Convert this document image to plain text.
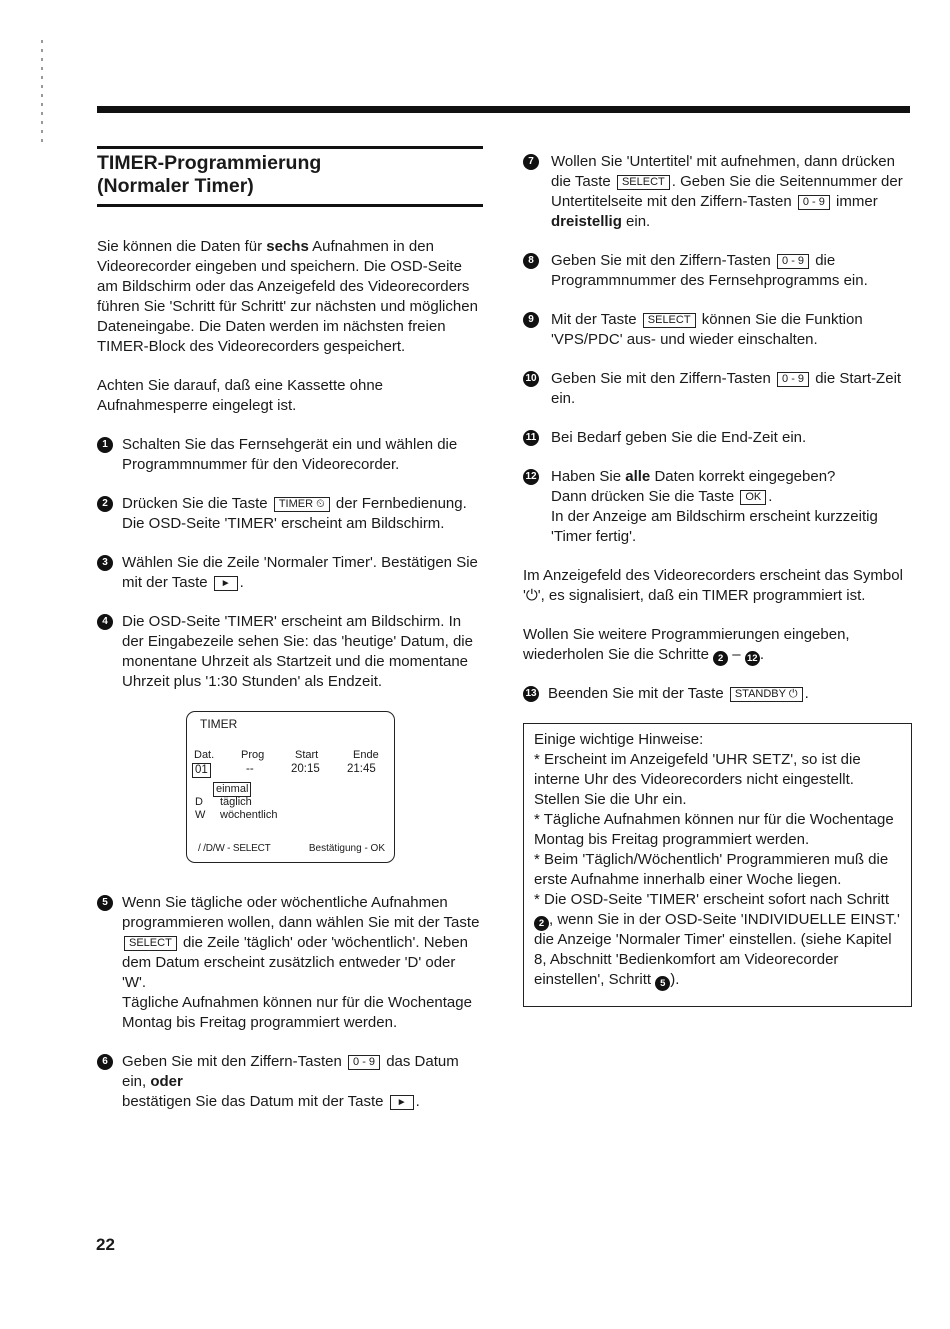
TIMER-Programmierung
(Normaler Timer)

Sie können die Daten für sechs Aufnahmen in den Videorecorder eingeben und speichern. Die OSD-Seite am Bildschirm oder das Anzeigefeld des Videorecorders führen Sie 'Schritt für Schritt' zur nächsten und möglichen Dateneingabe. Die Daten werden im nächsten freien TIMER-Block des Videorecorders gespeichert.

Achten Sie darauf, daß eine Kassette ohne Aufnahmesperre eingelegt ist.

1 Schalten Sie das Fernsehgerät ein und wählen die Programmnummer für den Videorecorder.

2 Drücken Sie die Taste TIMER ⏲ der Fernbedienung. Die OSD-Seite 'TIMER' erscheint am Bildschirm.

3 Wählen Sie die Zeile 'Normaler Timer'. Bestätigen Sie mit der Taste ► .

4 Die OSD-Seite 'TIMER' erscheint am Bildschirm. In der Eingabezeile sehen Sie: das 'heutige' Datum, die monentane Uhrzeit als Startzeit und die momentane Uhrzeit plus '1:30 Stunden' als Endzeit.

TIMER
Dat. Prog	Start	Ende
01	--	20:15 21:45
einmal
D täglich
W wöchentlich
/ /D/W - SELECT	Bestätigung - OK
5 Wenn Sie tägliche oder wöchentliche Aufnahmen programmieren wollen, dann wählen Sie mit der Taste SELECT die Zeile 'täglich' oder 'wöchentlich'. Neben dem Datum erscheint zusätzlich entweder 'D' oder 'W'.
Tägliche Aufnahmen können nur für die Wochentage Montag bis Freitag programmiert werden.

6 Geben Sie mit den Ziffern-Tasten 0 - 9 das Datum ein, oder
bestätigen Sie das Datum mit der Taste ► .

7	Wollen Sie 'Untertitel' mit aufnehmen, dann drücken die Taste SELECT . Geben Sie die Seitennummer der Untertitelseite mit den Ziffern-Tasten 0 - 9 immer dreistellig ein.

8	Geben Sie mit den Ziffern-Tasten 0 - 9 die Programmnummer des Fernsehprogramms ein.

9	Mit der Taste SELECT können Sie die Funktion 'VPS/PDC' aus- und wieder einschalten.

10 Geben Sie mit den Ziffern-Tasten 0 - 9 die Start-Zeit ein.

11 Bei Bedarf geben Sie die End-Zeit ein.

12 Haben Sie alle Daten korrekt eingegeben?
Dann drücken Sie die Taste OK .
In der Anzeige am Bildschirm erscheint kurzzeitig 'Timer fertig'.

Im Anzeigefeld des Videorecorders erscheint das Symbol '⏻', es signalisiert, daß ein TIMER programmiert ist.

Wollen Sie weitere Programmierungen eingeben, wiederholen Sie die Schritte 2 – 12 .

13 Beenden Sie mit der Taste STANDBY ⏻ .

Einige wichtige Hinweise:

* Erscheint im Anzeigefeld 'UHR SETZ', so ist die interne Uhr des Videorecorders nicht eingestellt. Stellen Sie die Uhr ein.

* Tägliche Aufnahmen können nur für die Wochentage Montag bis Freitag programmiert werden.

* Beim 'Täglich/Wöchentlich' Programmieren muß die erste Aufnahme innerhalb einer Woche liegen.

* Die OSD-Seite 'TIMER' erscheint sofort nach Schritt 2 , wenn Sie in der OSD-Seite 'INDIVIDUELLE EINST.' die Anzeige 'Normaler Timer' einstellen. (siehe Kapitel 8, Abschnitt 'Bedienkomfort am Videorecorder einstellen', Schritt 5 ).

22
